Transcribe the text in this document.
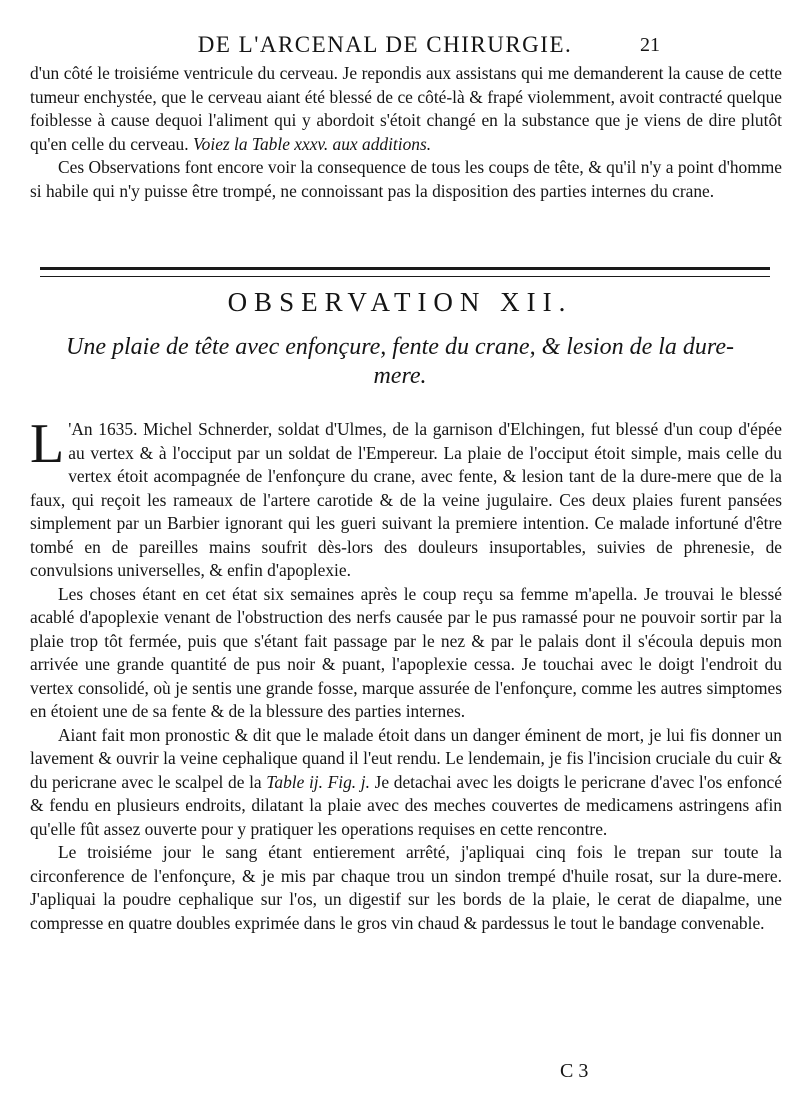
DE L'ARCENAL DE CHIRURGIE.	21

d'un côté le troisiéme ventricule du cerveau. Je repondis aux assistans qui me demanderent la cause de cette tumeur enchystée, que le cerveau aiant été blessé de ce côté-là & frapé violemment, avoit contracté quelque foiblesse à cause dequoi l'aliment qui y abordoit s'étoit changé en la substance que je viens de dire plutôt qu'en celle du cerveau. Voiez la Table xxxv. aux additions.

Ces Observations font encore voir la consequence de tous les coups de tête, & qu'il n'y a point d'homme si habile qui n'y puisse être trompé, ne connoissant pas la disposition des parties internes du crane.

OBSERVATION XII.
Une plaie de tête avec enfonçure, fente du crane, & lesion de la dure-mere.

L 'An 1635. Michel Schnerder, soldat d'Ulmes, de la garnison d'Elchingen, fut blessé d'un coup d'épée au vertex & à l'occiput par un soldat de l'Empereur. La plaie de l'occiput étoit simple, mais celle du vertex étoit acompagnée de l'enfonçure du crane, avec fente, & lesion tant de la dure-mere que de la faux, qui reçoit les rameaux de l'artere carotide & de la veine jugulaire. Ces deux plaies furent pansées simplement par un Barbier ignorant qui les gueri suivant la premiere intention. Ce malade infortuné d'être tombé en de pareilles mains soufrit dès-lors des douleurs insuportables, suivies de phrenesie, de convulsions universelles, & enfin d'apoplexie.

Les choses étant en cet état six semaines après le coup reçu sa femme m'apella. Je trouvai le blessé acablé d'apoplexie venant de l'obstruction des nerfs causée par le pus ramassé pour ne pouvoir sortir par la plaie trop tôt fermée, puis que s'étant fait passage par le nez & par le palais dont il s'écoula depuis mon arrivée une grande quantité de pus noir & puant, l'apoplexie cessa. Je touchai avec le doigt l'endroit du vertex consolidé, où je sentis une grande fosse, marque assurée de l'enfonçure, comme les autres simptomes en étoient une de sa fente & de la blessure des parties internes.

Aiant fait mon pronostic & dit que le malade étoit dans un danger éminent de mort, je lui fis donner un lavement & ouvrir la veine cephalique quand il l'eut rendu. Le lendemain, je fis l'incision cruciale du cuir & du pericrane avec le scalpel de la Table ij. Fig. j. Je detachai avec les doigts le pericrane d'avec l'os enfoncé & fendu en plusieurs endroits, dilatant la plaie avec des meches couvertes de medicamens astringens afin qu'elle fût assez ouverte pour y pratiquer les operations requises en cette rencontre.

Le troisiéme jour le sang étant entierement arrêté, j'apliquai cinq fois le trepan sur toute la circonference de l'enfonçure, & je mis par chaque trou un sindon trempé d'huile rosat, sur la dure-mere. J'apliquai la poudre cephalique sur l'os, un digestif sur les bords de la plaie, le cerat de diapalme, une compresse en quatre doubles exprimée dans le gros vin chaud & pardessus le tout le bandage convenable.

C 3
